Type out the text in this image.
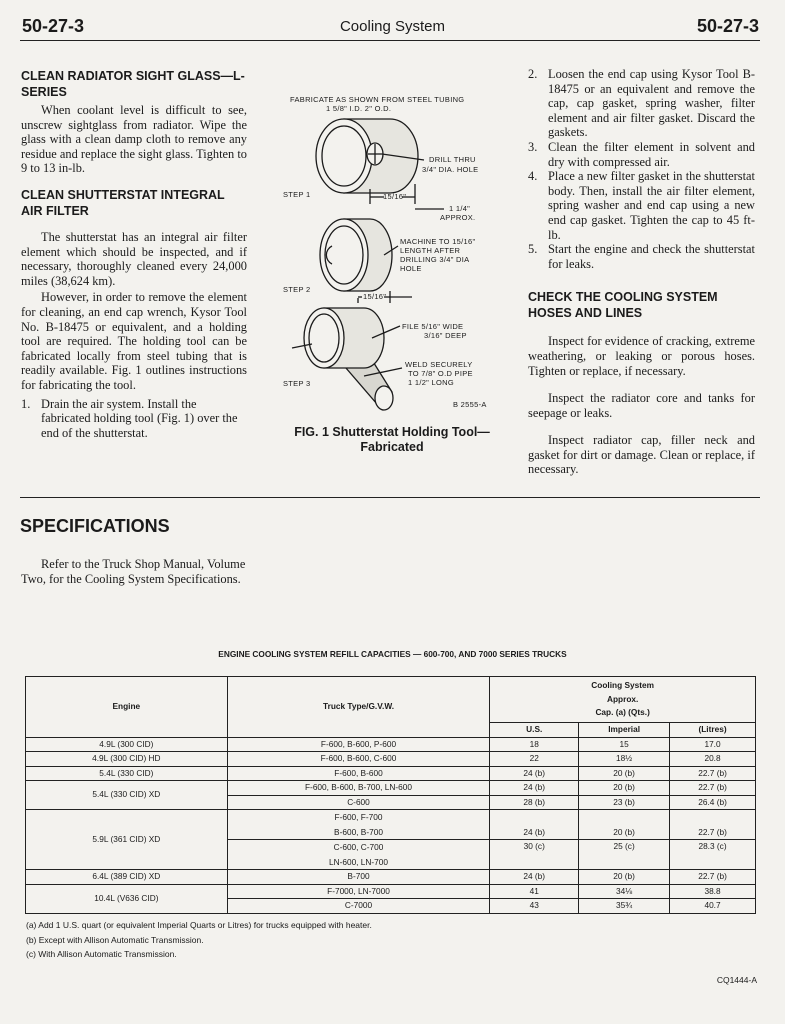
50-27-3	Cooling System	50-27-3
CLEAN RADIATOR SIGHT GLASS—L-SERIES

When coolant level is difficult to see, unscrew sightglass from radiator. Wipe the glass with a clean damp cloth to remove any residue and replace the sight glass. Tighten to 9 to 13 in-lb.

CLEAN SHUTTERSTAT INTEGRAL AIR FILTER

The shutterstat has an integral air filter element which should be inspected, and if necessary, thoroughly cleaned every 24,000 miles (38,624 km).

However, in order to remove the element for cleaning, an end cap wrench, Kysor Tool No. B-18475 or equivalent, and a holding tool are required. The holding tool can be fabricated locally from steel tubing that is readily available. Fig. 1 outlines instructions for fabricating the tool.

1. Drain the air system. Install the fabricated holding tool (Fig. 1) over the end of the shutterstat.
FABRICATE AS SHOWN FROM STEEL TUBING
1 5/8" I.D. 2" O.D.
DRILL THRU
3/4" DIA. HOLE
STEP 1	15/16"
1 1/4"
APPROX.
MACHINE TO 15/16"
LENGTH AFTER
DRILLING 3/4" DIA
HOLE
STEP 2
15/16"
FILE 5/16" WIDE
3/16" DEEP
WELD SECURELY
TO 7/8" O.D PIPE
1 1/2" LONG
STEP 3
B 2555-A
FIG. 1 Shutterstat Holding Tool—
Fabricated
2. Loosen the end cap using Kysor Tool B-18475 or an equivalent and remove the cap, cap gasket, spring washer, filter element and air filter gasket. Discard the gaskets.
3. Clean the filter element in solvent and dry with compressed air.
4. Place a new filter gasket in the shutterstat body. Then, install the air filter element, spring washer and end cap using a new end cap gasket. Tighten the cap to 45 ft-lb.
5. Start the engine and check the shutterstat for leaks.
CHECK THE COOLING SYSTEM HOSES AND LINES

Inspect for evidence of cracking, extreme weathering, or leaking or porous hoses. Tighten or replace, if necessary.

Inspect the radiator core and tanks for seepage or leaks.

Inspect radiator cap, filler neck and gasket for dirt or damage. Clean or replace, if necessary.

SPECIFICATIONS

Refer to the Truck Shop Manual, Volume Two, for the Cooling System Specifications.

ENGINE COOLING SYSTEM REFILL CAPACITIES — 600-700, AND 7000 SERIES TRUCKS
Engine	Truck Type/G.V.W.	Cooling System
Approx.
Cap. (a) (Qts.)		

		U.S.	Imperial	(Litres)
4.9L (300 CID)	F-600, B-600, P-600	18	15	17.0
4.9L (300 CID) HD	F-600, B-600, C-600	22	18½	20.8
5.4L (330 CID)	F-600, B-600	24 (b)	20 (b)	22.7 (b)
5.4L (330 CID) XD	F-600, B-600, B-700, LN-600	24 (b)	20 (b)	22.7 (b)
	C-600	28 (b)	23 (b)	26.4 (b)
5.9L (361 CID) XD	F-600, F-700
B-600, B-700	24 (b)	20 (b)	22.7 (b)

	C-600, C-700
LN-600, LN-700	30 (c)	25 (c)	28.3 (c)
6.4L (389 CID) XD	B-700	24 (b)	20 (b)	22.7 (b)
10.4L (V636 CID)	F-7000, LN-7000	41	34⅛	38.8
	C-7000	43	35¾	40.7
(a) Add 1 U.S. quart (or equivalent Imperial Quarts or Litres) for trucks equipped with heater.
(b) Except with Allison Automatic Transmission.
(c) With Allison Automatic Transmission.
CQ1444-A
